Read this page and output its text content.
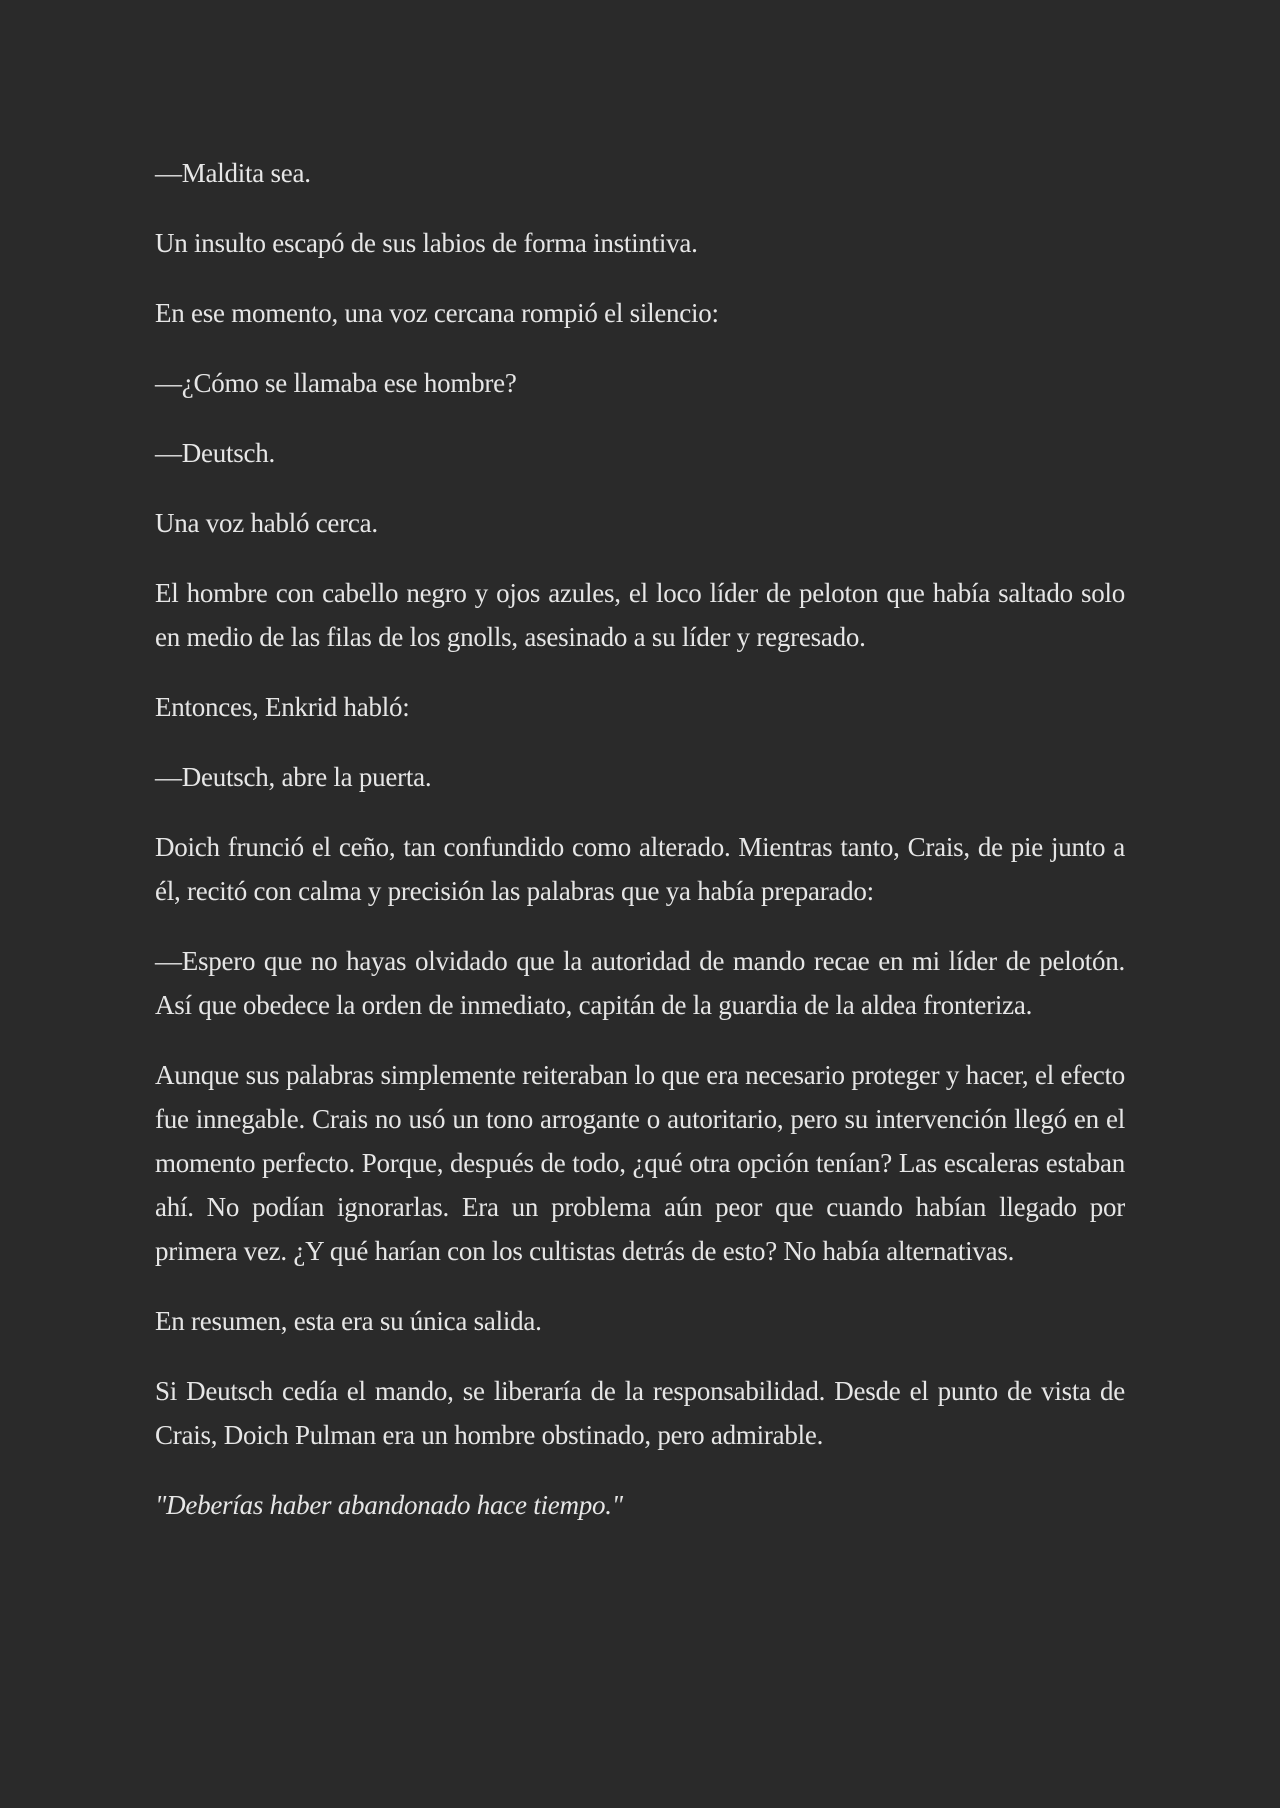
—Maldita sea.

Un insulto escapó de sus labios de forma instintiva.

En ese momento, una voz cercana rompió el silencio:

—¿Cómo se llamaba ese hombre?

—Deutsch.

Una voz habló cerca.

El hombre con cabello negro y ojos azules, el loco líder de peloton que había saltado solo en medio de las filas de los gnolls, asesinado a su líder y regresado.

Entonces, Enkrid habló:

—Deutsch, abre la puerta.

Doich frunció el ceño, tan confundido como alterado. Mientras tanto, Crais, de pie junto a él, recitó con calma y precisión las palabras que ya había preparado:

—Espero que no hayas olvidado que la autoridad de mando recae en mi líder de pelotón. Así que obedece la orden de inmediato, capitán de la guardia de la aldea fronteriza.

Aunque sus palabras simplemente reiteraban lo que era necesario proteger y hacer, el efecto fue innegable. Crais no usó un tono arrogante o autoritario, pero su intervención llegó en el momento perfecto. Porque, después de todo, ¿qué otra opción tenían? Las escaleras estaban ahí. No podían ignorarlas. Era un problema aún peor que cuando habían llegado por primera vez. ¿Y qué harían con los cultistas detrás de esto? No había alternativas.

En resumen, esta era su única salida.

Si Deutsch cedía el mando, se liberaría de la responsabilidad. Desde el punto de vista de Crais, Doich Pulman era un hombre obstinado, pero admirable.

"Deberías haber abandonado hace tiempo."
